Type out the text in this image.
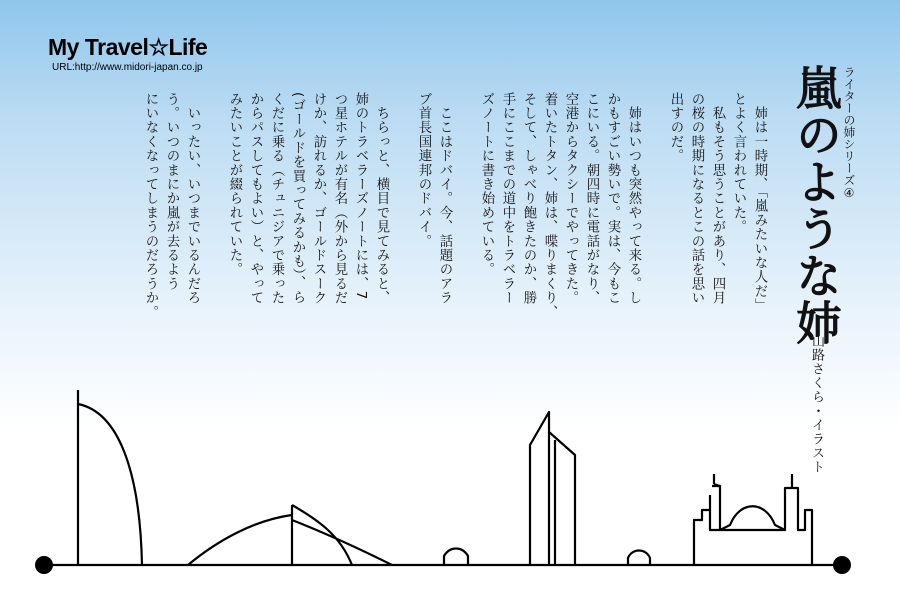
My Travel☆Life
URL:http://www.midori-japan.co.jp	ライターの姉シリーズ④
嵐のような姉
山路さくら・イラスト
　姉は一時期、「嵐みたいな人だ」
とよく言われていた。
　私もそう思うことがあり、四月
の桜の時期になるとこの話を思い
出すのだ。

　姉はいつも突然やって来る。し
かもすごい勢いで。実は、今もこ
こにいる。朝四時に電話がなり、
空港からタクシーでやってきた。
着いたトタン、姉は、喋りまくり、
そして、しゃべり飽きたのか、勝
手にここまでの道中をトラベラー
ズノートに書き始めている。

　ここはドバイ。今、話題のアラ
ブ首長国連邦のドバイ。

　ちらっと、横目で見てみると、
姉のトラベラーズノートには、7
つ星ホテルが有名（外から見るだ
けか、訪れるか、ゴールドスーク
(ゴールドを買ってみるかも）、ら
くだに乗る（チュニジアで乗った
からパスしてもよい）と、やって
みたいことが綴られていた。

　いったい、いつまでいるんだろ
う。いつのまにか嵐が去るよう
にいなくなってしまうのだろうか。
